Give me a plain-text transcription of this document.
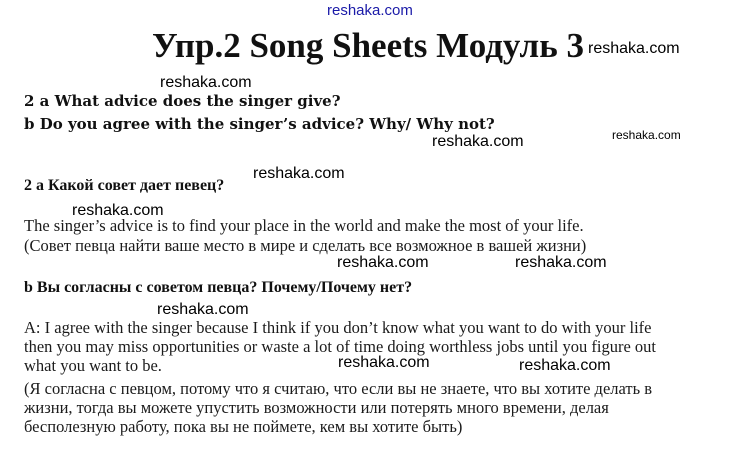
reshaka.com
reshaka.com
reshaka.com
reshaka.com
reshaka.com
reshaka.com
reshaka.com
reshaka.com	reshaka.com
reshaka.com
reshaka.com	reshaka.com
Упр.2 Song Sheets Модуль 3
2 a What advice does the singer give?
b Do you agree with the singer’s advice? Why/ Why not?
2 а Какой совет дает певец?
The singer’s advice is to find your place in the world and make the most of your life.
(Совет певца найти ваше место в мире и сделать все возможное в вашей жизни)
b Вы согласны с советом певца? Почему/Почему нет?
A: I agree with the singer because I think if you don’t know what you want to do with your life
then you may miss opportunities or waste a lot of time doing worthless jobs until you figure out
what you want to be.
(Я согласна с певцом, потому что я считаю, что если вы не знаете, что вы хотите делать в
жизни, тогда вы можете упустить возможности или потерять много времени, делая
бесполезную работу, пока вы не поймете, кем вы хотите быть)
